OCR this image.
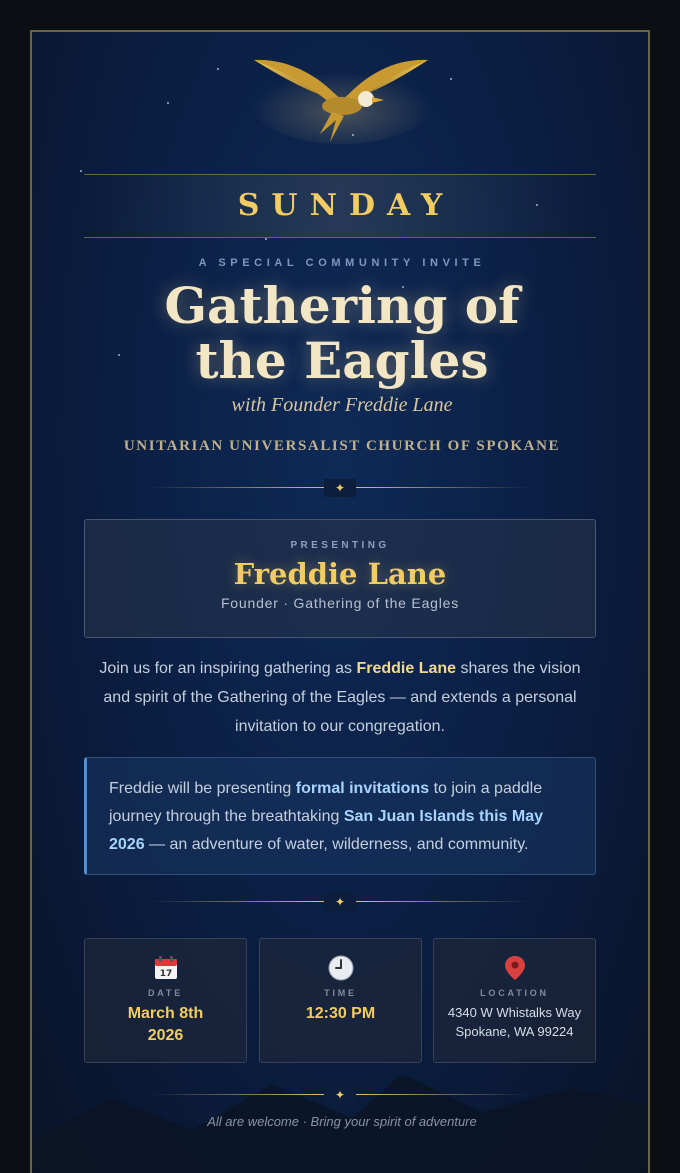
SUNDAY
A SPECIAL COMMUNITY INVITE
Gathering of
the Eagles
with Founder Freddie Lane
UNITARIAN UNIVERSALIST CHURCH OF SPOKANE
✦
PRESENTING
Freddie Lane
Founder · Gathering of the Eagles
Join us for an inspiring gathering as Freddie Lane shares the vision and spirit of the Gathering of the Eagles — and extends a personal invitation to our congregation.
Freddie will be presenting formal invitations to join a paddle journey through the breathtaking San Juan Islands this May 2026 — an adventure of water, wilderness, and community.
✦
17
DATE
March 8th
2026
TIME
12:30 PM
LOCATION
4340 W Whistalks Way
Spokane, WA 99224
✦
All are welcome · Bring your spirit of adventure
